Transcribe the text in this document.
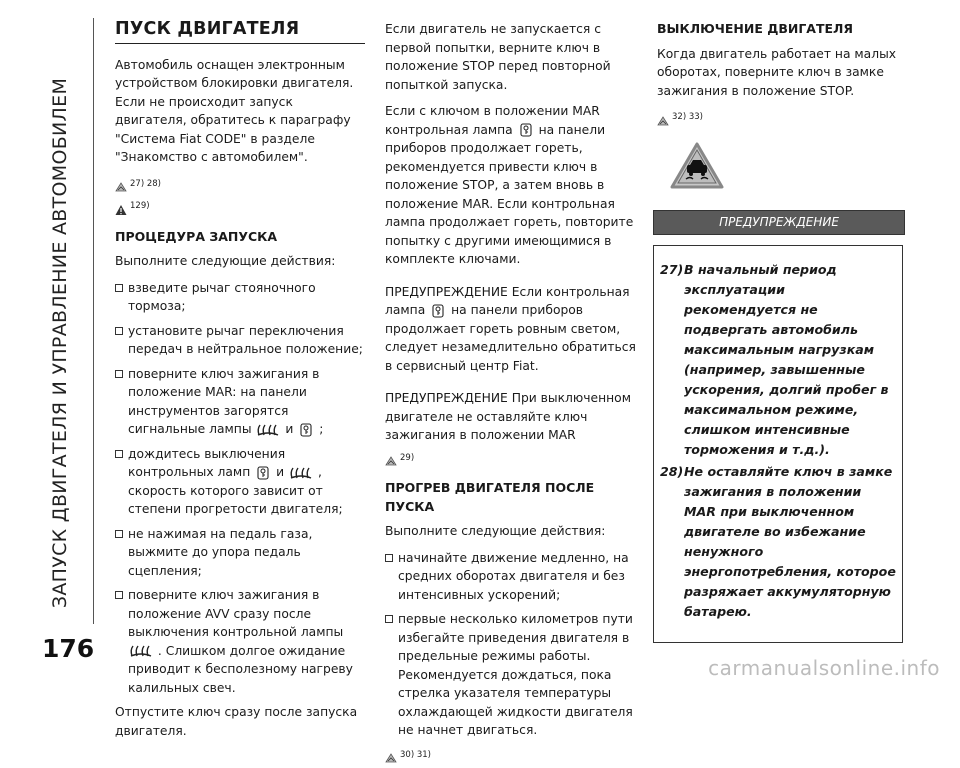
ЗАПУСК ДВИГАТЕЛЯ И УПРАВЛЕНИЕ АВТОМОБИЛЕМ
176
carmanualsonline.info
ПУСК ДВИГАТЕЛЯ

Автомобиль оснащен электронным устройством блокировки двигателя. Если не происходит запуск двигателя, обратитесь к параграфу "Система Fiat CODE" в разделе "Знакомство с автомобилем".

27) 28)
129)
ПРОЦЕДУРА ЗАПУСКА

Выполните следующие действия:

взведите рычаг стояночного тормоза;
установите рычаг переключения передач в нейтральное положение;
поверните ключ зажигания в положение MAR: на панели инструментов загорятся сигнальные лампы	и ;
дождитесь выключения контрольных ламп и	, скорость которого зависит от степени прогретости двигателя;
не нажимая на педаль газа, выжмите до упора педаль сцепления;
поверните ключ зажигания в положение AVV сразу после выключения контрольной лампы  . Слишком долгое ожидание приводит к бесполезному нагреву калильных свеч.

Отпустите ключ сразу после запуска двигателя.

Если двигатель не запускается с первой попытки, верните ключ в положение STOP перед повторной попыткой запуска.

Если с ключом в положении MAR контрольная лампа на панели приборов продолжает гореть, рекомендуется привести ключ в положение STOP, а затем вновь в положение MAR. Если контрольная лампа продолжает гореть, повторите попытку с другими имеющимися в комплекте ключами.

ПРЕДУПРЕЖДЕНИЕ Если контрольная лампа на панели приборов продолжает гореть ровным светом, следует незамедлительно обратиться в сервисный центр Fiat.

ПРЕДУПРЕЖДЕНИЕ При выключенном двигателе не оставляйте ключ зажигания в положении MAR

29)
ПРОГРЕВ ДВИГАТЕЛЯ ПОСЛЕ ПУСКА

Выполните следующие действия:

начинайте движение медленно, на средних оборотах двигателя и без интенсивных ускорений;
первые несколько километров пути избегайте приведения двигателя в предельные режимы работы. Рекомендуется дождаться, пока стрелка указателя температуры охлаждающей жидкости двигателя не начнет двигаться.
30) 31)
ВЫКЛЮЧЕНИЕ ДВИГАТЕЛЯ

Когда двигатель работает на малых оборотах, поверните ключ в замке зажигания в положение STOP.

32) 33)
ПРЕДУПРЕЖДЕНИЕ
27) В начальный период эксплуатации рекомендуется не подвергать автомобиль максимальным нагрузкам (например, завышенные ускорения, долгий пробег в максимальном режиме, слишком интенсивные торможения и т.д.).
28) Не оставляйте ключ в замке зажигания в положении MAR при выключенном двигателе во избежание ненужного энергопотребления, которое разряжает аккумуляторную батарею.
